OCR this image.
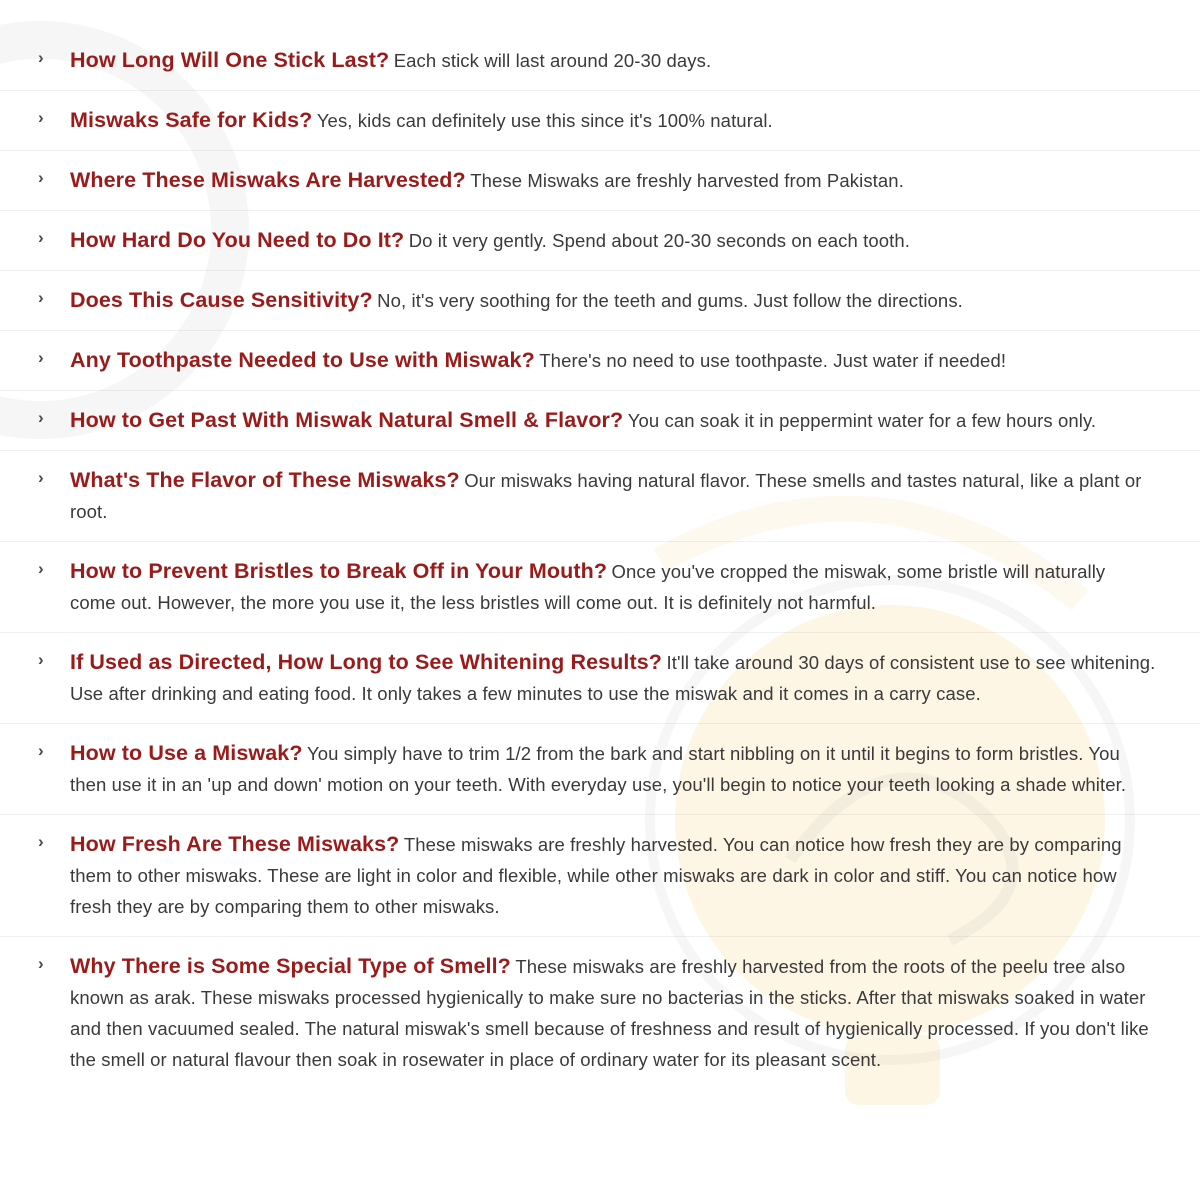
› How Long Will One Stick Last? Each stick will last around 20-30 days.

› Miswaks Safe for Kids? Yes, kids can definitely use this since it's 100% natural.

› Where These Miswaks Are Harvested? These Miswaks are freshly harvested from Pakistan.

› How Hard Do You Need to Do It? Do it very gently. Spend about 20-30 seconds on each tooth.

› Does This Cause Sensitivity? No, it's very soothing for the teeth and gums. Just follow the directions.

› Any Toothpaste Needed to Use with Miswak? There's no need to use toothpaste. Just water if needed!

› How to Get Past With Miswak Natural Smell & Flavor? You can soak it in peppermint water for a few hours only.

› What's The Flavor of These Miswaks? Our miswaks having natural flavor. These smells and tastes natural, like a plant or root.

› How to Prevent Bristles to Break Off in Your Mouth? Once you've cropped the miswak, some bristle will naturally come out. However, the more you use it, the less bristles will come out. It is definitely not harmful.

› If Used as Directed, How Long to See Whitening Results? It'll take around 30 days of consistent use to see whitening. Use after drinking and eating food. It only takes a few minutes to use the miswak and it comes in a carry case.

› How to Use a Miswak? You simply have to trim 1/2 from the bark and start nibbling on it until it begins to form bristles. You then use it in an 'up and down' motion on your teeth. With everyday use, you'll begin to notice your teeth looking a shade whiter.

› How Fresh Are These Miswaks? These miswaks are freshly harvested. You can notice how fresh they are by comparing them to other miswaks. These are light in color and flexible, while other miswaks are dark in color and stiff. You can notice how fresh they are by comparing them to other miswaks.

› Why There is Some Special Type of Smell? These miswaks are freshly harvested from the roots of the peelu tree also known as arak. These miswaks processed hygienically to make sure no bacterias in the sticks. After that miswaks soaked in water and then vacuumed sealed. The natural miswak's smell because of freshness and result of hygienically processed. If you don't like the smell or natural flavour then soak in rosewater in place of ordinary water for its pleasant scent.
